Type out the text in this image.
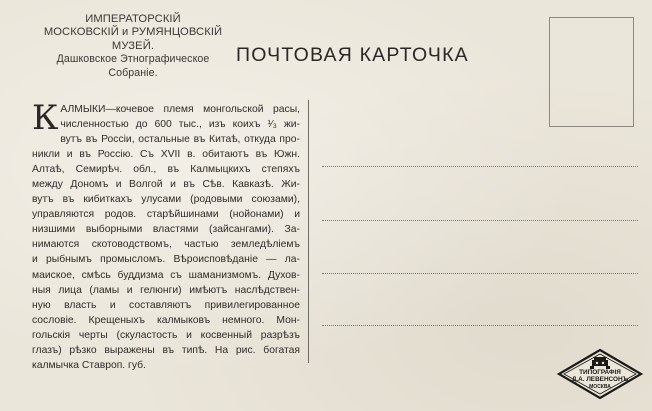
ИМПЕРАТОРСКІЙ
МОСКОВСКІЙ и РУМЯНЦОВСКІЙ
МУЗЕЙ.
Дашковское Этнографическое
Собраніе.
ПОЧТОВАЯ КАРТОЧКА
К АЛМЫКИ—кочевое племя монгольской расы,
численностью до 600 тыс., изъ коихъ ¹⁄₃ жи-
вутъ въ Россіи, остальные въ Китаѣ, откуда про-
никли и въ Россію. Съ XVII в. обитаютъ въ Южн.
Алтаѣ, Семирѣч. обл., въ Калмыцкихъ степяхъ
между Дономъ и Волгой и въ Сѣв. Кавказѣ. Жи-
вутъ въ кибиткахъ улусами (родовыми союзами),
управляются родов. старѣйшинами (нойонами) и
низшими выборными властями (зайсангами). За-
нимаются скотоводствомъ, частью земледѣліемъ
и рыбнымъ промысломъ. Вѣроисповѣданіе — ла-
маиское, смѣсь буддизма съ шаманизмомъ. Духов-
ныя лица (ламы и гелюнги) имѣютъ наслѣдствен-
ную власть и составляютъ привилегированное
сословіе. Крещеныхъ калмыковъ немного. Мон-
гольскія черты (скуластость и косвенный разрѣзъ
глазъ) рѣзко выражены въ типѣ. На рис. богатая
калмычка Ставроп. губ.
ТИПОГРАФІЯ
Д.А. ЛЕВЕНСОНЪ
МОСКВА
